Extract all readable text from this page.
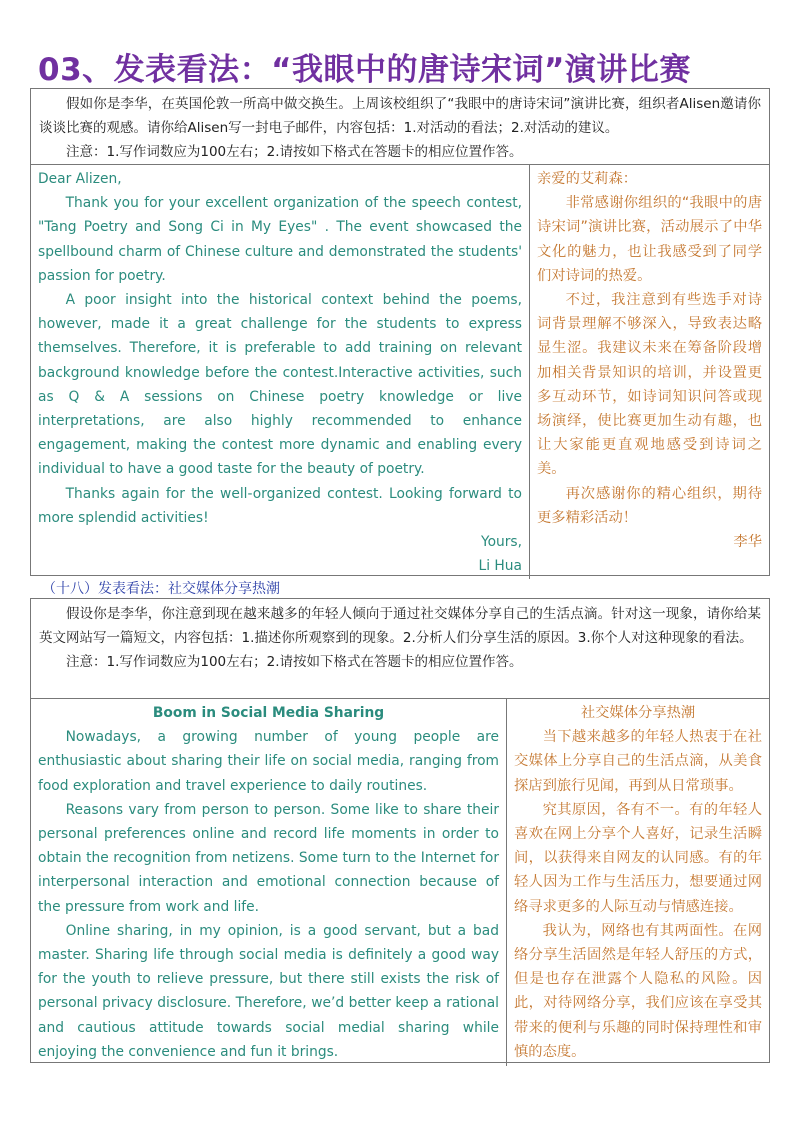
03、发表看法：“我眼中的唐诗宋词”演讲比赛

假如你是李华，在英国伦敦一所高中做交换生。上周该校组织了“我眼中的唐诗宋词”演讲比赛，组织者Alisen邀请你谈谈比赛的观感。请你给Alisen写一封电子邮件，内容包括：1.对活动的看法；2.对活动的建议。

注意：1.写作词数应为100左右；2.请按如下格式在答题卡的相应位置作答。

Dear Alizen,

Thank you for your excellent organization of the speech contest, "Tang Poetry and Song Ci in My Eyes" . The event showcased the spellbound charm of Chinese culture and demonstrated the students' passion for poetry.

A poor insight into the historical context behind the poems, however, made it a great challenge for the students to express themselves. Therefore, it is preferable to add training on relevant background knowledge before the contest.Interactive activities, such as Q & A sessions on Chinese poetry knowledge or live interpretations, are also highly recommended to enhance engagement, making the contest more dynamic and enabling every individual to have a good taste for the beauty of poetry.

Thanks again for the well-organized contest. Looking forward to more splendid activities!

Yours,

Li Hua

亲爱的艾莉森：

非常感谢你组织的“我眼中的唐诗宋词”演讲比赛，活动展示了中华文化的魅力，也让我感受到了同学们对诗词的热爱。

不过，我注意到有些选手对诗词背景理解不够深入，导致表达略显生涩。我建议未来在筹备阶段增加相关背景知识的培训，并设置更多互动环节，如诗词知识问答或现场演绎，使比赛更加生动有趣，也让大家能更直观地感受到诗词之美。

再次感谢你的精心组织，期待更多精彩活动！

李华

（十八）发表看法：社交媒体分享热潮

假设你是李华，你注意到现在越来越多的年轻人倾向于通过社交媒体分享自己的生活点滴。针对这一现象，请你给某英文网站写一篇短文，内容包括：1.描述你所观察到的现象。2.分析人们分享生活的原因。3.你个人对这种现象的看法。

注意：1.写作词数应为100左右；2.请按如下格式在答题卡的相应位置作答。

Boom in Social Media Sharing

Nowadays, a growing number of young people are enthusiastic about sharing their life on social media, ranging from food exploration and travel experience to daily routines.

Reasons vary from person to person. Some like to share their personal preferences online and record life moments in order to obtain the recognition from netizens. Some turn to the Internet for interpersonal interaction and emotional connection because of the pressure from work and life.

Online sharing, in my opinion, is a good servant, but a bad master. Sharing life through social media is definitely a good way for the youth to relieve pressure, but there still exists the risk of personal privacy disclosure. Therefore, we’d better keep a rational and cautious attitude towards social medial sharing while enjoying the convenience and fun it brings.

社交媒体分享热潮

当下越来越多的年轻人热衷于在社交媒体上分享自己的生活点滴，从美食探店到旅行见闻，再到从日常琐事。

究其原因，各有不一。有的年轻人喜欢在网上分享个人喜好，记录生活瞬间，以获得来自网友的认同感。有的年轻人因为工作与生活压力，想要通过网络寻求更多的人际互动与情感连接。

我认为，网络也有其两面性。在网络分享生活固然是年轻人舒压的方式，但是也存在泄露个人隐私的风险。因此，对待网络分享，我们应该在享受其带来的便利与乐趣的同时保持理性和审慎的态度。
